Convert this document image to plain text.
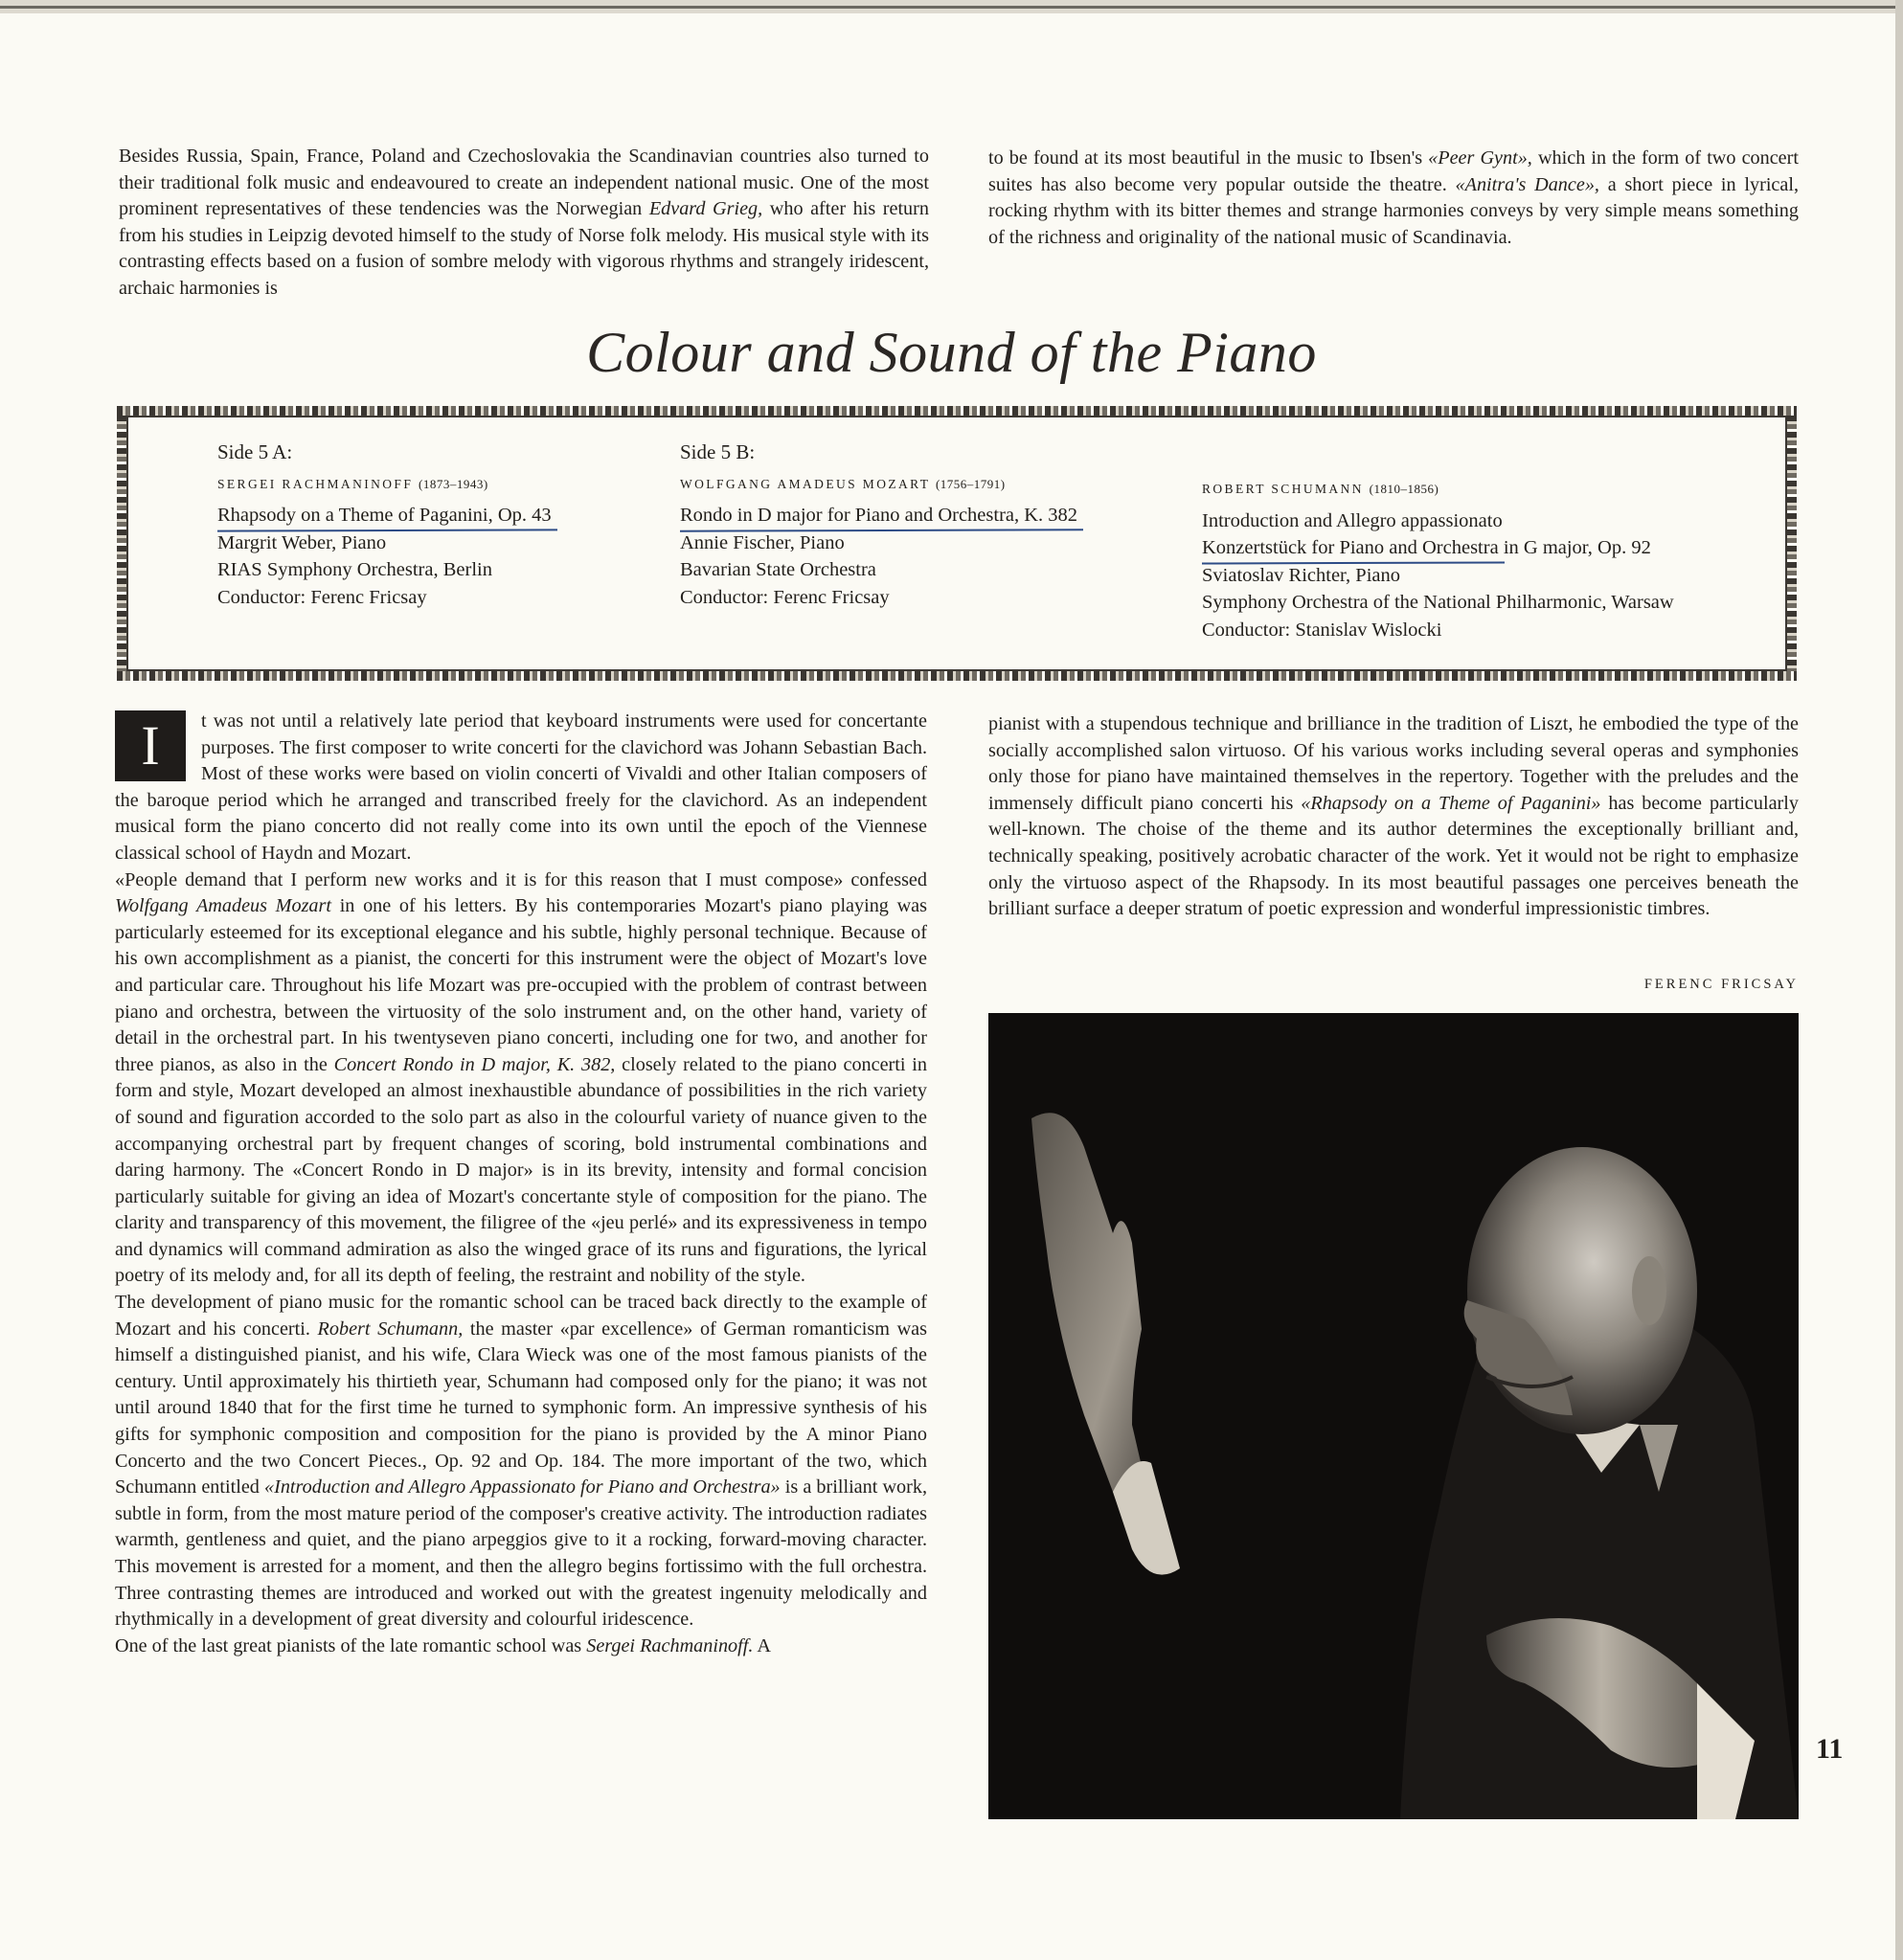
Besides Russia, Spain, France, Poland and Czechoslovakia the Scandinavian countries also turned to their traditional folk music and endeavoured to create an independent national music. One of the most prominent representatives of these tendencies was the Norwegian Edvard Grieg, who after his return from his studies in Leipzig devoted himself to the study of Norse folk melody. His musical style with its contrasting effects based on a fusion of sombre melody with vigorous rhythms and strangely iridescent, archaic harmonies is
to be found at its most beautiful in the music to Ibsen's «Peer Gynt», which in the form of two concert suites has also become very popular outside the theatre. «Anitra's Dance», a short piece in lyrical, rocking rhythm with its bitter themes and strange harmonies conveys by very simple means something of the richness and originality of the national music of Scandinavia.
Colour and Sound of the Piano
Side 5 A:
SERGEI RACHMANINOFF (1873–1943)
Rhapsody on a Theme of Paganini, Op. 43
Margrit Weber, Piano
RIAS Symphony Orchestra, Berlin
Conductor: Ferenc Fricsay
Side 5 B:
WOLFGANG AMADEUS MOZART (1756–1791)
Rondo in D major for Piano and Orchestra, K. 382
Annie Fischer, Piano
Bavarian State Orchestra
Conductor: Ferenc Fricsay
ROBERT SCHUMANN (1810–1856)
Introduction and Allegro appassionato
Konzertstück for Piano and Orchestra in G major, Op. 92
Sviatoslav Richter, Piano
Symphony Orchestra of the National Philharmonic, Warsaw
Conductor: Stanislav Wislocki

I	t was not until a relatively late period that keyboard instruments were used for concertante purposes. The first composer to write concerti for the clavichord was Johann Sebastian Bach. Most of these works were based on violin concerti of Vivaldi and other Italian composers of the baroque period which he arranged and transcribed freely for the clavichord. As an independent musical form the piano concerto did not really come into its own until the epoch of the Viennese classical school of Haydn and Mozart.

«People demand that I perform new works and it is for this reason that I must compose» confessed Wolfgang Amadeus Mozart in one of his letters. By his contemporaries Mozart's piano playing was particularly esteemed for its exceptional elegance and his subtle, highly personal technique. Because of his own accomplishment as a pianist, the concerti for this instrument were the object of Mozart's love and particular care. Throughout his life Mozart was pre-occupied with the problem of contrast between piano and orchestra, between the virtuosity of the solo instrument and, on the other hand, variety of detail in the orchestral part. In his twentyseven piano concerti, including one for two, and another for three pianos, as also in the Concert Rondo in D major, K. 382, closely related to the piano concerti in form and style, Mozart developed an almost inexhaustible abundance of possibilities in the rich variety of sound and figuration accorded to the solo part as also in the colourful variety of nuance given to the accompanying orchestral part by frequent changes of scoring, bold instrumental combinations and daring harmony. The «Concert Rondo in D major» is in its brevity, intensity and formal concision particularly suitable for giving an idea of Mozart's concertante style of composition for the piano. The clarity and transparency of this movement, the filigree of the «jeu perlé» and its expressiveness in tempo and dynamics will command admiration as also the winged grace of its runs and figurations, the lyrical poetry of its melody and, for all its depth of feeling, the restraint and nobility of the style.

The development of piano music for the romantic school can be traced back directly to the example of Mozart and his concerti. Robert Schumann, the master «par excellence» of German romanticism was himself a distinguished pianist, and his wife, Clara Wieck was one of the most famous pianists of the century. Until approximately his thirtieth year, Schumann had composed only for the piano; it was not until around 1840 that for the first time he turned to symphonic form. An impressive synthesis of his gifts for symphonic composition and composition for the piano is provided by the A minor Piano Concerto and the two Concert Pieces., Op. 92 and Op. 184. The more important of the two, which Schumann entitled «Introduction and Allegro Appassionato for Piano and Orchestra» is a brilliant work, subtle in form, from the most mature period of the composer's creative activity. The introduction radiates warmth, gentleness and quiet, and the piano arpeggios give to it a rocking, forward-moving character. This movement is arrested for a moment, and then the allegro begins fortissimo with the full orchestra. Three contrasting themes are introduced and worked out with the greatest ingenuity melodically and rhythmically in a development of great diversity and colourful iridescence.

One of the last great pianists of the late romantic school was Sergei Rachmaninoff. A

pianist with a stupendous technique and brilliance in the tradition of Liszt, he embodied the type of the socially accomplished salon virtuoso. Of his various works including several operas and symphonies only those for piano have maintained themselves in the repertory. Together with the preludes and the immensely difficult piano concerti his «Rhapsody on a Theme of Paganini» has become particularly well-known. The choise of the theme and its author determines the exceptionally brilliant and, technically speaking, positively acrobatic character of the work. Yet it would not be right to emphasize only the virtuoso aspect of the Rhapsody. In its most beautiful passages one perceives beneath the brilliant surface a deeper stratum of poetic expression and wonderful impressionistic timbres.
FERENC FRICSAY
11
